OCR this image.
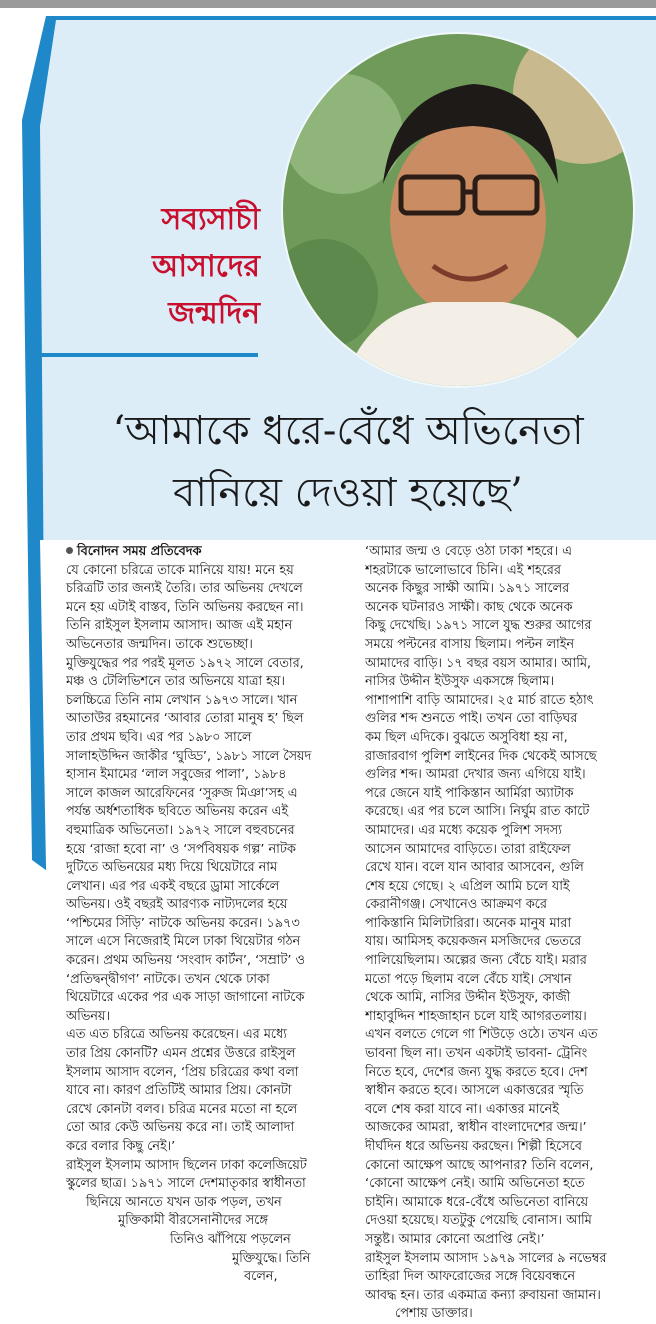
সব্যসাচী
আসাদের
জন্মদিন
‘আমাকে ধরে-বেঁধে অভিনেতা
বানিয়ে দেওয়া হয়েছে’
বিনোদন সময় প্রতিবেদক
যে কোনো চরিত্রে তাকে মানিয়ে যায়! মনে হয়
চরিত্রটি তার জন্যই তৈরি। তার অভিনয় দেখলে
মনে হয় এটাই বাস্তব, তিনি অভিনয় করছেন না।
তিনি রাইসুল ইসলাম আসাদ। আজ এই মহান
অভিনেতার জন্মদিন। তাকে শুভেচ্ছা।
মুক্তিযুদ্ধের পর পরই মূলত ১৯৭২ সালে বেতার,
মঞ্চ ও টেলিভিশনে তার অভিনয়ে যাত্রা হয়।
চলচ্চিত্রে তিনি নাম লেখান ১৯৭৩ সালে। খান
আতাউর রহমানের ‘আবার তোরা মানুষ হ’ ছিল
তার প্রথম ছবি। এর পর ১৯৮০ সালে
সালাহউদ্দিন জাকীর ‘ঘুড্ডি’, ১৯৮১ সালে সৈয়দ
হাসান ইমামের ‘লাল সবুজের পালা’, ১৯৮৪
সালে কাজল আরেফিনের ‘সুরুজ মিঞা’সহ এ
পর্যন্ত অর্ধশতাধিক ছবিতে অভিনয় করেন এই
বহুমাত্রিক অভিনেতা। ১৯৭২ সালে বহুবচনের
হয়ে ‘রাজা হবো না’ ও ‘সর্পবিষয়ক গল্প’ নাটক
দুটিতে অভিনয়ের মধ্য দিয়ে থিয়েটারে নাম
লেখান। এর পর একই বছরে ড্রামা সার্কেলে
অভিনয়। ওই বছরই আরণ্যক নাট্যদলের হয়ে
‘পশ্চিমের সিঁড়ি’ নাটকে অভিনয় করেন। ১৯৭৩
সালে এসে নিজেরাই মিলে ঢাকা থিয়েটার গঠন
করেন। প্রথম অভিনয় ‘সংবাদ কার্টন’, ‘সম্রাট’ ও
‘প্রতিদ্বন্দ্বীগণ’ নাটকে। তখন থেকে ঢাকা
থিয়েটারে একের পর এক সাড়া জাগানো নাটকে
অভিনয়।
এত এত চরিত্রে অভিনয় করেছেন। এর মধ্যে
তার প্রিয় কোনটি? এমন প্রশ্নের উত্তরে রাইসুল
ইসলাম আসাদ বলেন, ‘প্রিয় চরিত্রের কথা বলা
যাবে না। কারণ প্রতিটিই আমার প্রিয়। কোনটা
রেখে কোনটা বলব। চরিত্র মনের মতো না হলে
তো আর কেউ অভিনয় করে না। তাই আলাদা
করে বলার কিছু নেই।’
রাইসুল ইসলাম আসাদ ছিলেন ঢাকা কলেজিয়েট
স্কুলের ছাত্র। ১৯৭১ সালে দেশমাতৃকার স্বাধীনতা
ছিনিয়ে আনতে যখন ডাক পড়ল, তখন
মুক্তিকামী বীরসেনানীদের সঙ্গে
তিনিও ঝাঁপিয়ে পড়লেন
মুক্তিযুদ্ধে। তিনি
বলেন,
‘আমার জন্ম ও বেড়ে ওঠা ঢাকা শহরে। এ
শহরটাকে ভালোভাবে চিনি। এই শহরের
অনেক কিছুর সাক্ষী আমি। ১৯৭১ সালের
অনেক ঘটনারও সাক্ষী। কাছ থেকে অনেক
কিছু দেখেছি। ১৯৭১ সালে যুদ্ধ শুরুর আগের
সময়ে পল্টনের বাসায় ছিলাম। পল্টন লাইন
আমাদের বাড়ি। ১৭ বছর বয়স আমার। আমি,
নাসির উদ্দীন ইউসুফ একসঙ্গে ছিলাম।
পাশাপাশি বাড়ি আমাদের। ২৫ মার্চ রাতে হঠাৎ
গুলির শব্দ শুনতে পাই। তখন তো বাড়িঘর
কম ছিল এদিকে। বুঝতে অসুবিধা হয় না,
রাজারবাগ পুলিশ লাইনের দিক থেকেই আসছে
গুলির শব্দ। আমরা দেখার জন্য এগিয়ে যাই।
পরে জেনে যাই পাকিস্তান আর্মিরা অ্যাটাক
করেছে। এর পর চলে আসি। নির্ঘুম রাত কাটে
আমাদের। এর মধ্যে কয়েক পুলিশ সদস্য
আসেন আমাদের বাড়িতে। তারা রাইফেল
রেখে যান। বলে যান আবার আসবেন, গুলি
শেষ হয়ে গেছে। ২ এপ্রিল আমি চলে যাই
কেরানীগঞ্জ। সেখানেও আক্রমণ করে
পাকিস্তানি মিলিটারিরা। অনেক মানুষ মারা
যায়। আমিসহ কয়েকজন মসজিদের ভেতরে
পালিয়েছিলাম। অল্পের জন্য বেঁচে যাই। মরার
মতো পড়ে ছিলাম বলে বেঁচে যাই। সেখান
থেকে আমি, নাসির উদ্দীন ইউসুফ, কাজী
শাহাবুদ্দিন শাহজাহান চলে যাই আগরতলায়।
এখন বলতে গেলে গা শিউড়ে ওঠে। তখন এত
ভাবনা ছিল না। তখন একটাই ভাবনা- ট্রেনিং
নিতে হবে, দেশের জন্য যুদ্ধ করতে হবে। দেশ
স্বাধীন করতে হবে। আসলে একাত্তরের স্মৃতি
বলে শেষ করা যাবে না। একাত্তর মানেই
আজকের আমরা, স্বাধীন বাংলাদেশের জন্ম।’
দীর্ঘদিন ধরে অভিনয় করছেন। শিল্পী হিসেবে
কোনো আক্ষেপ আছে আপনার? তিনি বলেন,
‘কোনো আক্ষেপ নেই। আমি অভিনেতা হতে
চাইনি। আমাকে ধরে-বেঁধে অভিনেতা বানিয়ে
দেওয়া হয়েছে। যতটুকু পেয়েছি বোনাস। আমি
সন্তুষ্ট। আমার কোনো অপ্রাপ্তি নেই।’
রাইসুল ইসলাম আসাদ ১৯৭৯ সালের ৯ নভেম্বর
তাহিরা দিল আফরোজের সঙ্গে বিয়েবন্ধনে
আবদ্ধ হন। তার একমাত্র কন্যা রুবায়না জামান।
পেশায় ডাক্তার।
